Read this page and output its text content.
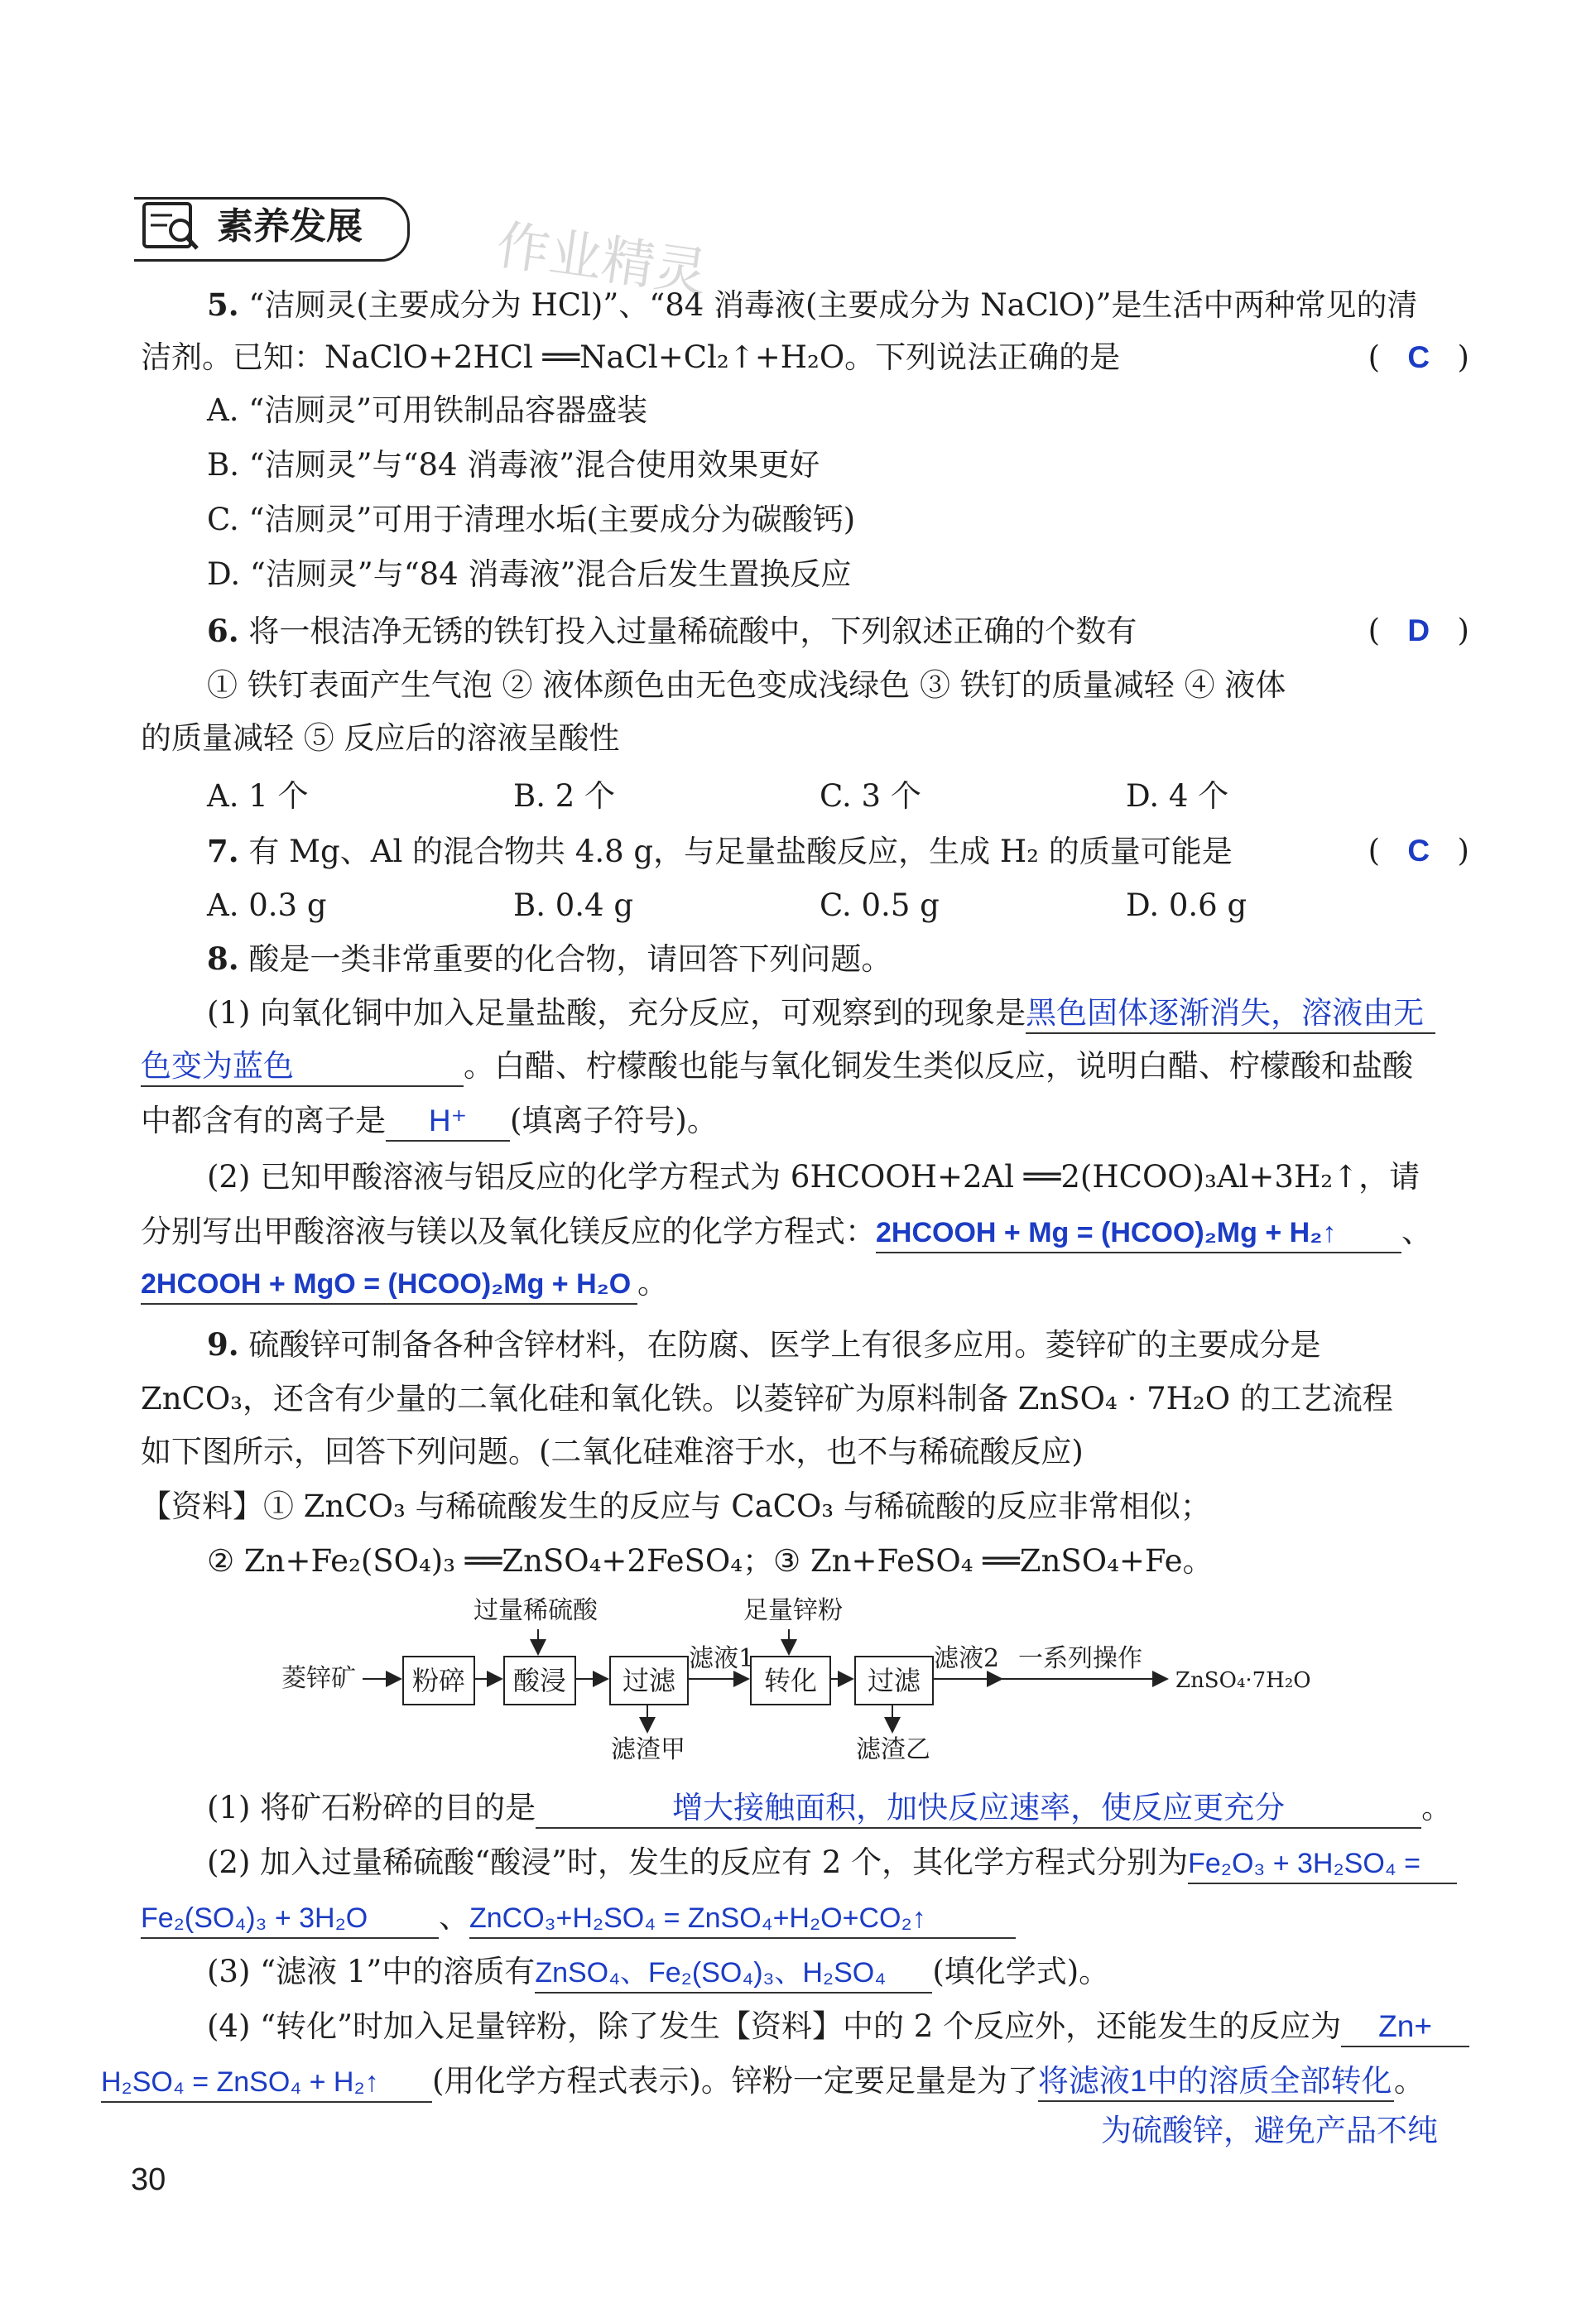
素养发展 作业精灵
5. “洁厕灵(主要成分为 HCl)”、“84 消毒液(主要成分为 NaClO)”是生活中两种常见的清
洁剂。已知：NaClO+2HCl ══NaCl+Cl₂↑+H₂O。下列说法正确的是	( C )
A. “洁厕灵”可用铁制品容器盛装
B. “洁厕灵”与“84 消毒液”混合使用效果更好
C. “洁厕灵”可用于清理水垢(主要成分为碳酸钙)
D. “洁厕灵”与“84 消毒液”混合后发生置换反应
6. 将一根洁净无锈的铁钉投入过量稀硫酸中，下列叙述正确的个数有	( D )
① 铁钉表面产生气泡 ② 液体颜色由无色变成浅绿色 ③ 铁钉的质量减轻 ④ 液体
的质量减轻 ⑤ 反应后的溶液呈酸性
A. 1 个	B. 2 个	C. 3 个	D. 4 个
7. 有 Mg、Al 的混合物共 4.8 g，与足量盐酸反应，生成 H₂ 的质量可能是	( C )
A. 0.3 g	B. 0.4 g	C. 0.5 g	D. 0.6 g
8. 酸是一类非常重要的化合物，请回答下列问题。
(1) 向氧化铜中加入足量盐酸，充分反应，可观察到的现象是黑色固体逐渐消失，溶液由无
色变为蓝色	。白醋、柠檬酸也能与氧化铜发生类似反应，说明白醋、柠檬酸和盐酸
中都含有的离子是 H⁺ (填离子符号)。
(2) 已知甲酸溶液与铝反应的化学方程式为 6HCOOH+2Al ══2(HCOO)₃Al+3H₂↑，请
分别写出甲酸溶液与镁以及氧化镁反应的化学方程式：2HCOOH + Mg = (HCOO)₂Mg + H₂↑ 、
2HCOOH + MgO = (HCOO)₂Mg + H₂O 。
9. 硫酸锌可制备各种含锌材料，在防腐、医学上有很多应用。菱锌矿的主要成分是
ZnCO₃，还含有少量的二氧化硅和氧化铁。以菱锌矿为原料制备 ZnSO₄ · 7H₂O 的工艺流程
如下图所示，回答下列问题。(二氧化硅难溶于水，也不与稀硫酸反应)
【资料】① ZnCO₃ 与稀硫酸发生的反应与 CaCO₃ 与稀硫酸的反应非常相似；
② Zn+Fe₂(SO₄)₃ ══ZnSO₄+2FeSO₄；③ Zn+FeSO₄ ══ZnSO₄+Fe。
菱锌矿	粉碎	酸浸	过滤	转化	过滤
过量稀硫酸	足量锌粉
滤液1	滤液2 一系列操作
ZnSO₄·7H₂O
滤渣甲	滤渣乙
(1) 将矿石粉碎的目的是	增大接触面积，加快反应速率，使反应更充分	。
(2) 加入过量稀硫酸“酸浸”时，发生的反应有 2 个，其化学方程式分别为Fe₂O₃ + 3H₂SO₄ =
Fe₂(SO₄)₃ + 3H₂O 、ZnCO₃+H₂SO₄ = ZnSO₄+H₂O+CO₂↑
(3) “滤液 1”中的溶质有ZnSO₄、Fe₂(SO₄)₃、H₂SO₄ (填化学式)。
(4) “转化”时加入足量锌粉，除了发生【资料】中的 2 个反应外，还能发生的反应为 Zn+
H₂SO₄ = ZnSO₄ + H₂↑ (用化学方程式表示)。锌粉一定要足量是为了将滤液1中的溶质全部转化。
为硫酸锌，避免产品不纯
30
